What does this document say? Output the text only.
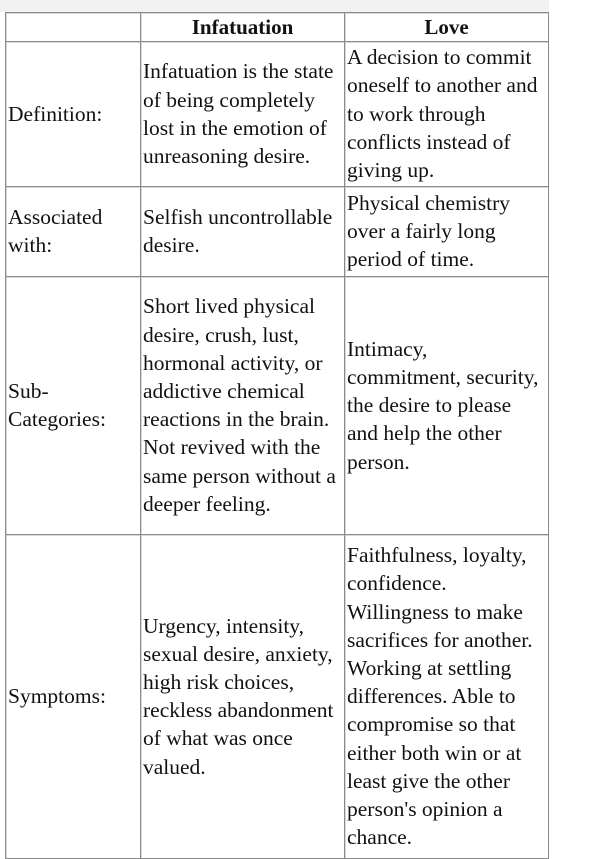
	Infatuation	Love
Definition:	Infatuation is the state of being completely lost in the emotion of unreasoning desire.	A decision to commit oneself to another and to work through conflicts instead of giving up.
Associated with:	Selfish uncontrollable desire.	Physical chemistry over a fairly long period of time.
Sub-Categories:	Short lived physical desire, crush, lust, hormonal activity, or addictive chemical reactions in the brain. Not revived with the same person without a deeper feeling.	Intimacy, commitment, security, the desire to please and help the other person.
Symptoms:	Urgency, intensity, sexual desire, anxiety, high risk choices, reckless abandonment of what was once valued.	Faithfulness, loyalty, confidence. Willingness to make sacrifices for another. Working at settling differences. Able to compromise so that either both win or at least give the other person's opinion a chance.
